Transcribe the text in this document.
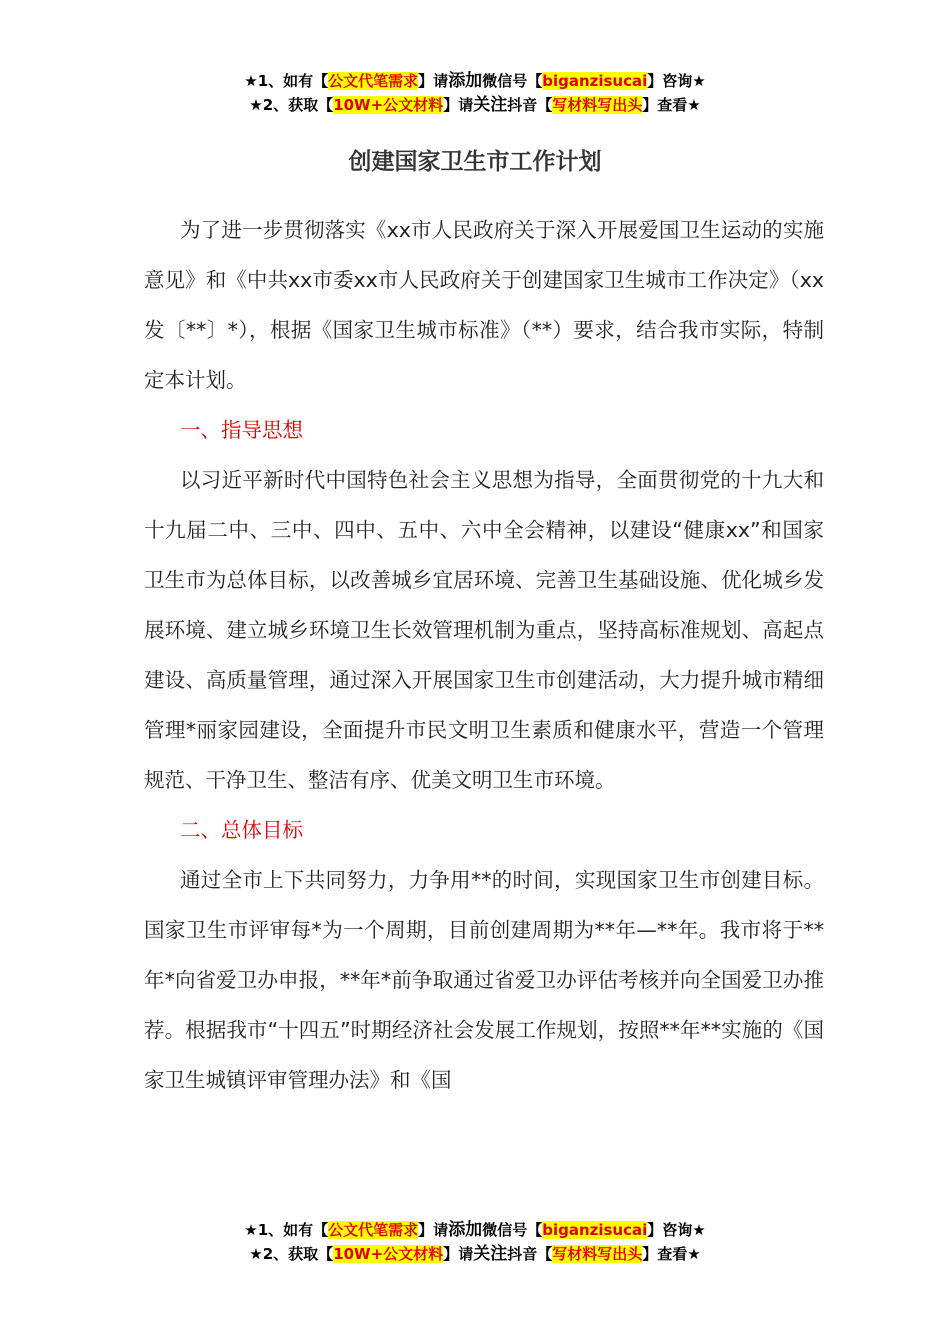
★1、如有【公文代笔需求】请添加微信号【biganzisucai】咨询★
★2、获取【10W+公文材料】请关注抖音【写材料写出头】查看★
创建国家卫生市工作计划

为了进一步贯彻落实《xx市人民政府关于深入开展爱国卫生运动的实施意见》和《中共xx市委xx市人民政府关于创建国家卫生城市工作决定》（xx发〔**〕*），根据《国家卫生城市标准》（**）要求，结合我市实际，特制定本计划。

一、指导思想

以习近平新时代中国特色社会主义思想为指导，全面贯彻党的十九大和十九届二中、三中、四中、五中、六中全会精神，以建设“健康xx”和国家卫生市为总体目标，以改善城乡宜居环境、完善卫生基础设施、优化城乡发展环境、建立城乡环境卫生长效管理机制为重点，坚持高标准规划、高起点建设、高质量管理，通过深入开展国家卫生市创建活动，大力提升城市精细管理*丽家园建设，全面提升市民文明卫生素质和健康水平，营造一个管理规范、干净卫生、整洁有序、优美文明卫生市环境。

二、总体目标

通过全市上下共同努力，力争用**的时间，实现国家卫生市创建目标。国家卫生市评审每*为一个周期，目前创建周期为**年—**年。我市将于**年*向省爱卫办申报，**年*前争取通过省爱卫办评估考核并向全国爱卫办推荐。根据我市“十四五”时期经济社会发展工作规划，按照**年**实施的《国家卫生城镇评审管理办法》和《国

★1、如有【公文代笔需求】请添加微信号【biganzisucai】咨询★
★2、获取【10W+公文材料】请关注抖音【写材料写出头】查看★
